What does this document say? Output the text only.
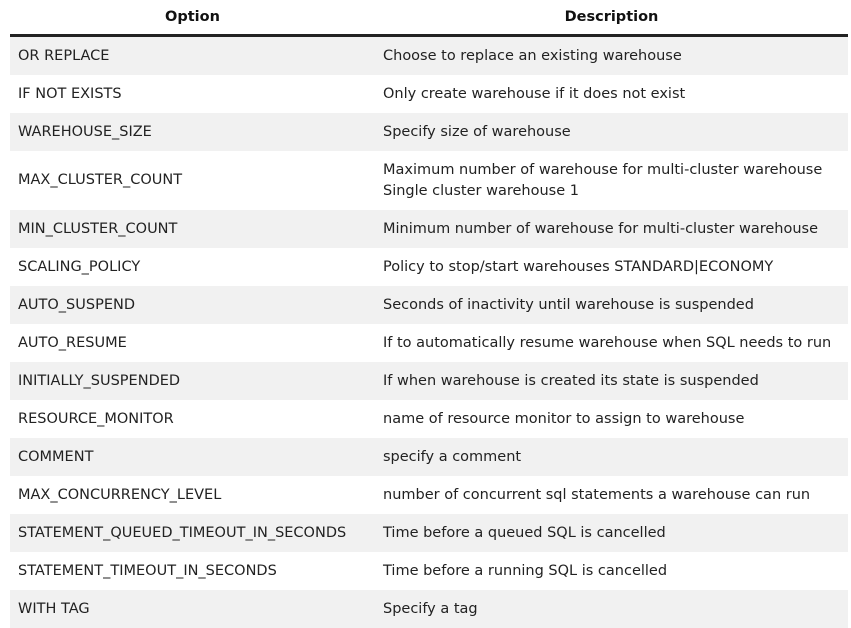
Option	Description
OR REPLACE	Choose to replace an existing warehouse

IF NOT EXISTS	Only create warehouse if it does not exist

WAREHOUSE_SIZE	Specify size of warehouse

MAX_CLUSTER_COUNT	Maximum number of warehouse for multi-cluster warehouse
Single cluster warehouse 1

MIN_CLUSTER_COUNT	Minimum number of warehouse for multi-cluster warehouse

SCALING_POLICY	Policy to stop/start warehouses STANDARD|ECONOMY

AUTO_SUSPEND	Seconds of inactivity until warehouse is suspended

AUTO_RESUME	If to automatically resume warehouse when SQL needs to run

INITIALLY_SUSPENDED	If when warehouse is created its state is suspended

RESOURCE_MONITOR	name of resource monitor to assign to warehouse

COMMENT	specify a comment

MAX_CONCURRENCY_LEVEL	number of concurrent sql statements a warehouse can run

STATEMENT_QUEUED_TIMEOUT_IN_SECONDS	Time before a queued SQL is cancelled

STATEMENT_TIMEOUT_IN_SECONDS	Time before a running SQL is cancelled

WITH TAG	Specify a tag
